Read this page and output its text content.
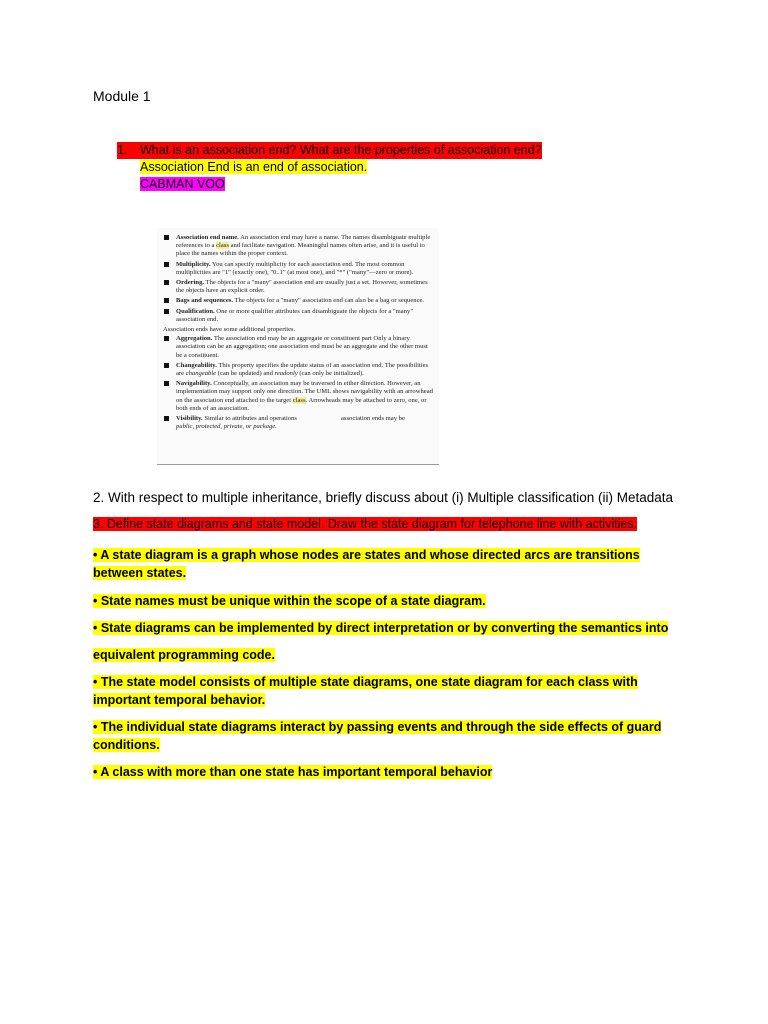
Module 1
1.	What is an association end? What are the properties of association end?
Association End is an end of association.
CABMAN VOO
Association end name. An association end may have a name. The names disambiguate multiple references to a class and facilitate navigation. Meaningful names often arise, and it is useful to place the names within the proper context.
Multiplicity. You can specify multiplicity for each association end. The most common multiplicities are "1" (exactly one), "0..1" (at most one), and "*" ("many"—zero or more).
Ordering. The objects for a "many" association end are usually just a set. However, sometimes the objects have an explicit order.
Bags and sequences. The objects for a "many" association end can also be a bag or sequence.
Qualification. One or more qualifier attributes can disambiguate the objects for a "many" association end.
Association ends have some additional properties.
Aggregation. The association end may be an aggregate or constituent part Only a binary association can be an aggregation; one association end must be an aggregate and the other must be a constituent.
Changeability. This property specifies the update status of an association end. The possibilities are changeable (can be updated) and readonly (can only be initialized).
Navigability. Conceptually, an association may be traversed in either direction. However, an implementation may support only one direction. The UML shows navigability with an arrowhead on the association end attached to the target class. Arrowheads may be attached to zero, one, or both ends of an association.
Visibility. Similar to attributes and operations	association ends may be
public, protected, private, or package.
2. With respect to multiple inheritance, briefly discuss about (i) Multiple classification (ii) Metadata
3. Define state diagrams and state model. Draw the state diagram for telephone line with activities.
• A state diagram is a graph whose nodes are states and whose directed arcs are transitions
between states.
• State names must be unique within the scope of a state diagram.
• State diagrams can be implemented by direct interpretation or by converting the semantics into
equivalent programming code.
• The state model consists of multiple state diagrams, one state diagram for each class with
important temporal behavior.
• The individual state diagrams interact by passing events and through the side effects of guard
conditions.
• A class with more than one state has important temporal behavior
